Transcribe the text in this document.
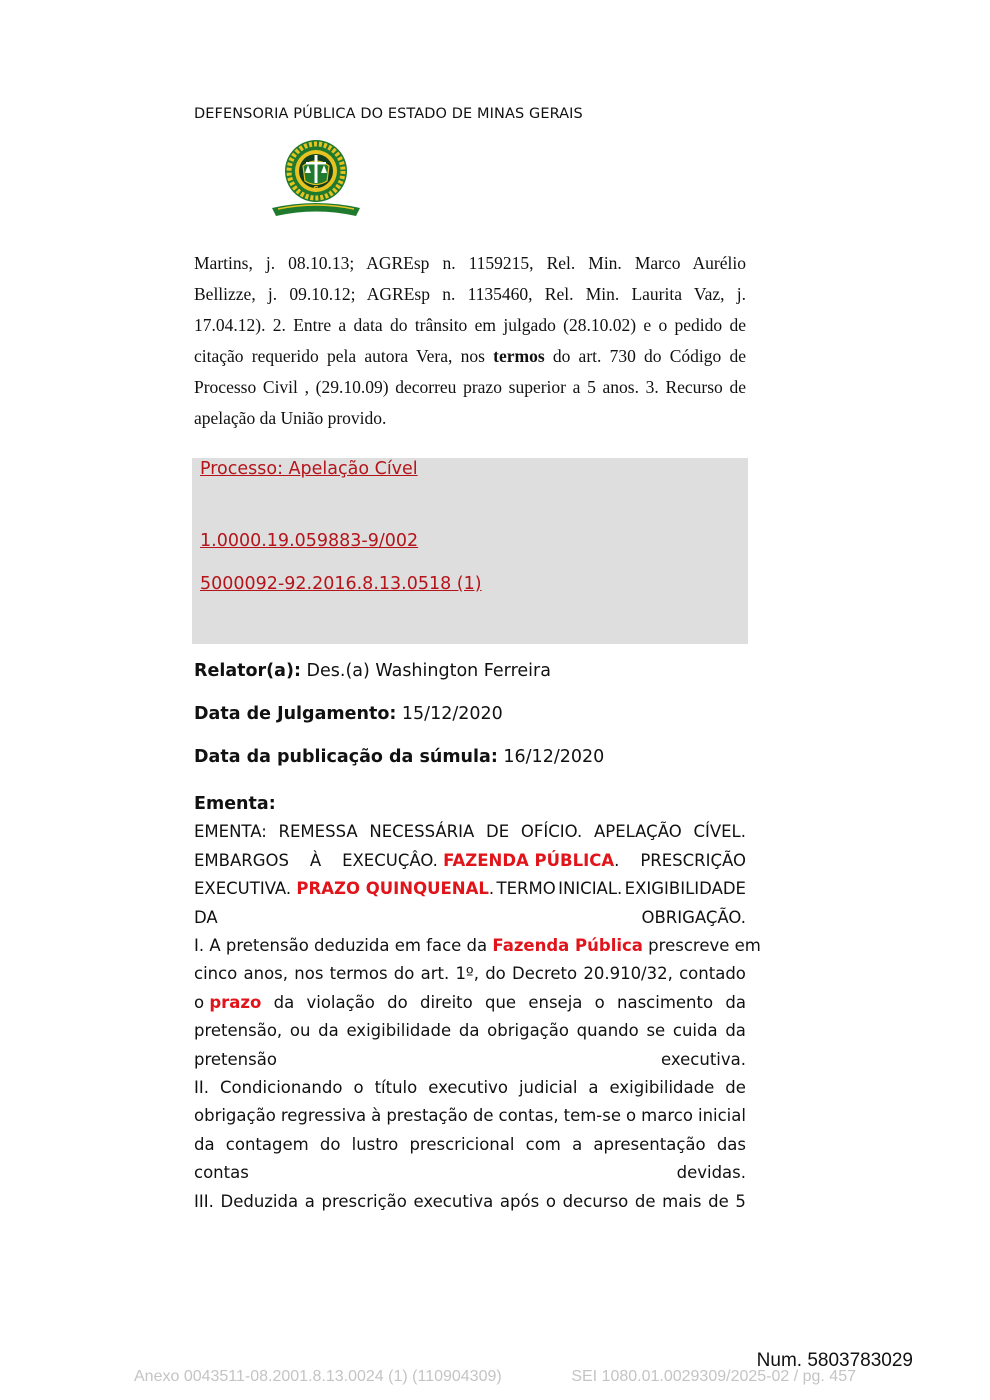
DEFENSORIA PÚBLICA DO ESTADO DE MINAS GERAIS
S
Martins, j. 08.10.13; AGREsp n. 1159215, Rel. Min. Marco Aurélio
Bellizze, j. 09.10.12; AGREsp n. 1135460, Rel. Min. Laurita Vaz, j.
17.04.12). 2. Entre a data do trânsito em julgado (28.10.02) e o pedido de
citação requerido pela autora Vera, nos termos do art. 730 do Código de
Processo Civil , (29.10.09) decorreu prazo superior a 5 anos. 3. Recurso de
apelação da União provido.
Processo: Apelação Cível
1.0000.19.059883-9/002
5000092-92.2016.8.13.0518 (1)
Relator(a): Des.(a) Washington Ferreira
Data de Julgamento: 15/12/2020
Data da publicação da súmula: 16/12/2020
Ementa:
EMENTA: REMESSA NECESSÁRIA DE OFÍCIO. APELAÇÃO CÍVEL.
EMBARGOS À EXECUÇÂO. FAZENDA PÚBLICA. PRESCRIÇÃO
EXECUTIVA. PRAZO QUINQUENAL. TERMO INICIAL. EXIGIBILIDADE
DA	OBRIGAÇÃO.
I. A pretensão deduzida em face da Fazenda Pública prescreve em
cinco anos, nos termos do art. 1º, do Decreto 20.910/32, contado
o prazo da violação do direito que enseja o nascimento da
pretensão, ou da exigibilidade da obrigação quando se cuida da
pretensão	executiva.
II. Condicionando o título executivo judicial a exigibilidade de
obrigação regressiva à prestação de contas, tem-se o marco inicial
da contagem do lustro prescricional com a apresentação das
contas	devidas.
III. Deduzida a prescrição executiva após o decurso de mais de 5
Num. 5803783029
Anexo 0043511-08.2001.8.13.0024 (1) (110904309)	SEI 1080.01.0029309/2025-02 / pg. 457
